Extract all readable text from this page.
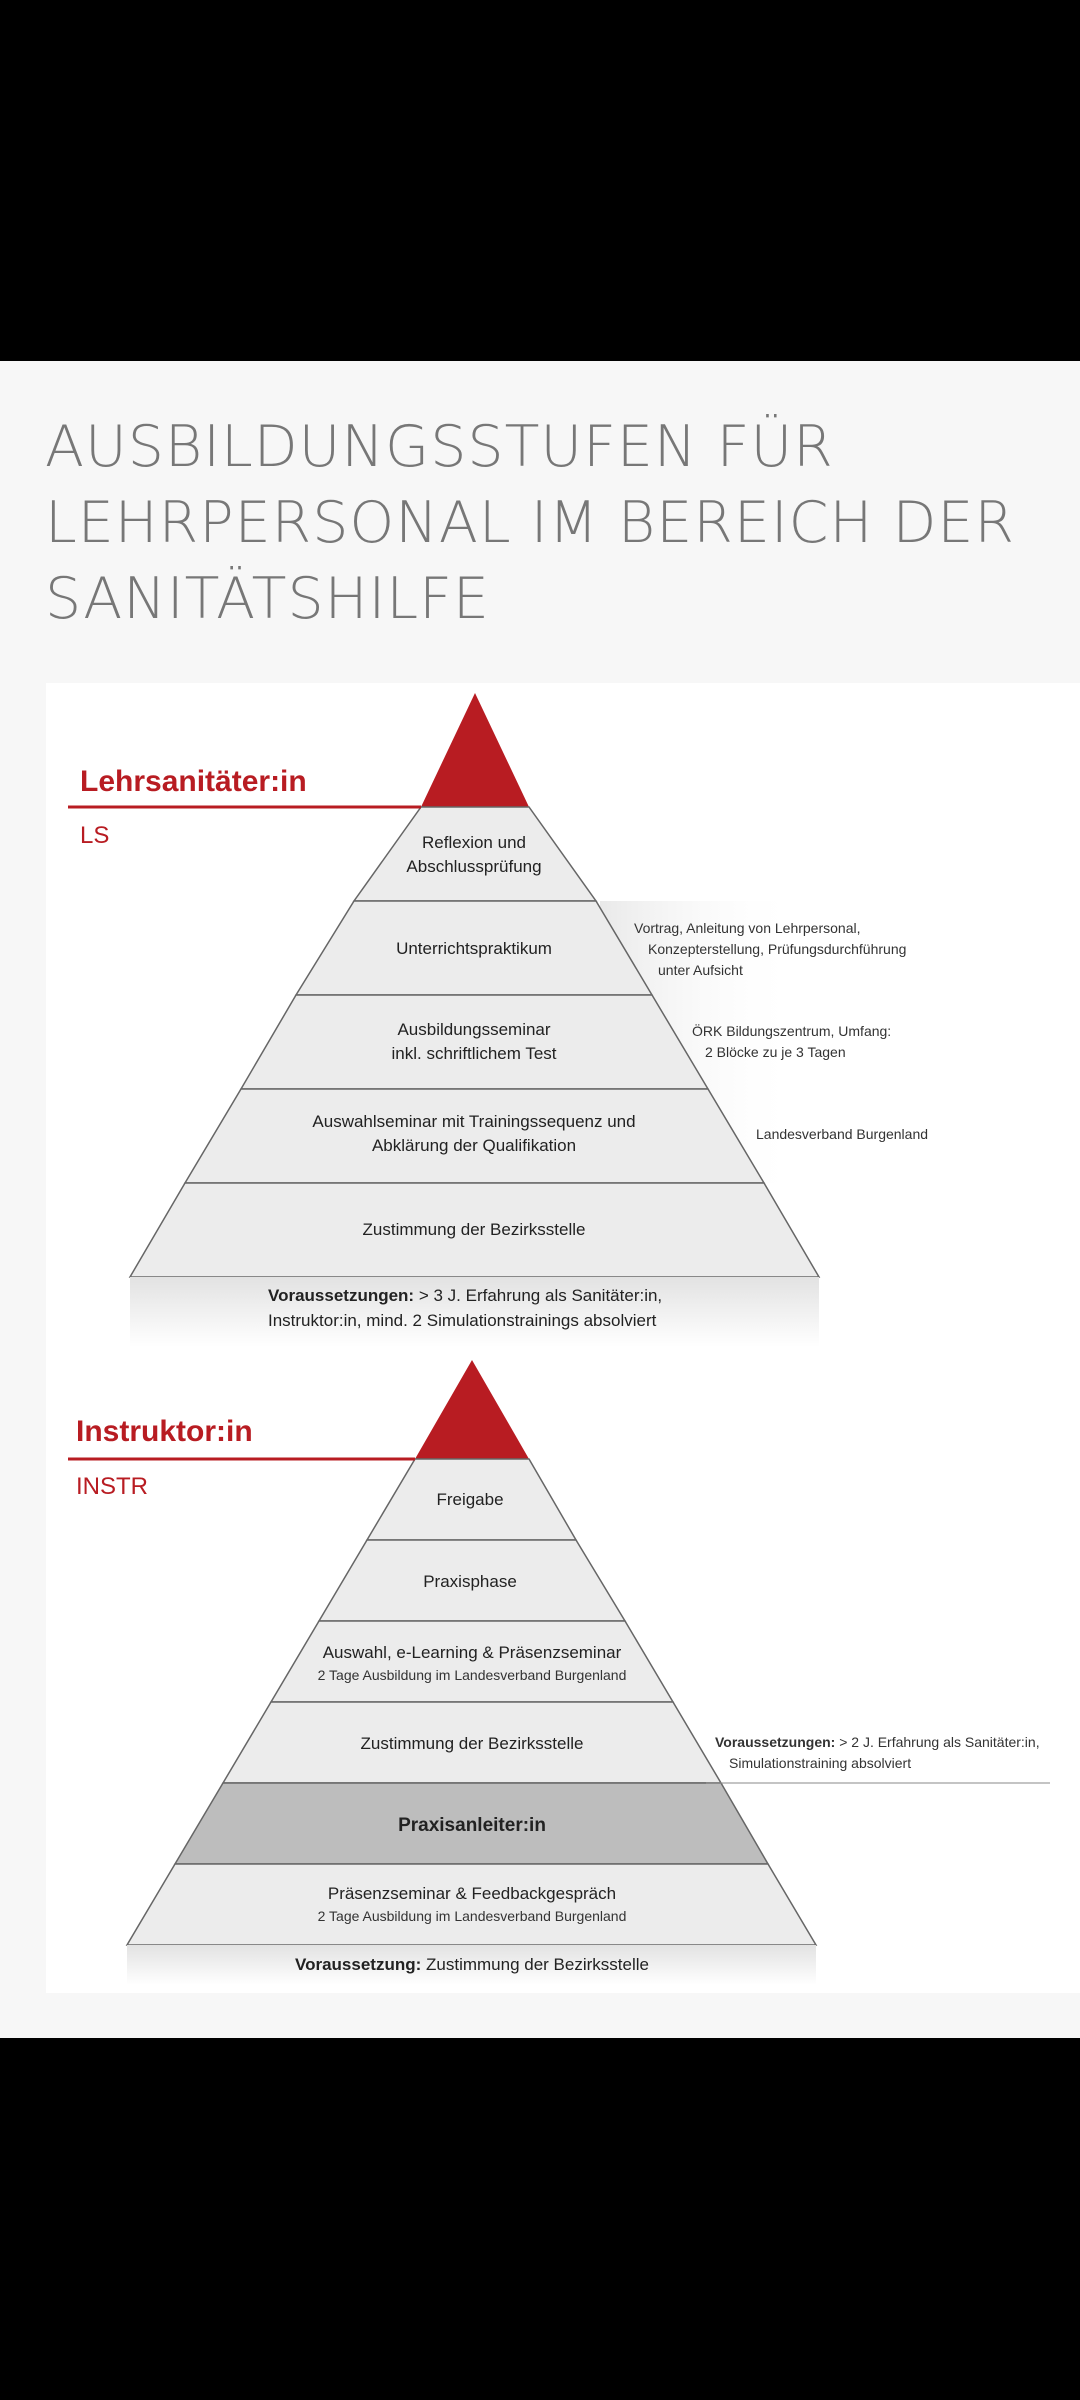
AUSBILDUNGSSTUFEN FÜR
LEHRPERSONAL IM BEREICH DER
SANITÄTSHILFE
Lehrsanitäter:in
LS	Reflexion und
Abschlussprüfung
Unterrichtspraktikum
Ausbildungsseminar
inkl. schriftlichem Test
Auswahlseminar mit Trainingssequenz und
Abklärung der Qualifikation
Zustimmung der Bezirksstelle
Vortrag, Anleitung von Lehrpersonal,
Konzepterstellung, Prüfungsdurchführung
unter Aufsicht
ÖRK Bildungszentrum, Umfang:
2 Blöcke zu je 3 Tagen
Landesverband Burgenland
Voraussetzungen: > 3 J. Erfahrung als Sanitäter:in,
Instruktor:in, mind. 2 Simulationstrainings absolviert
Instruktor:in
INSTR	Freigabe
Praxisphase
Auswahl, e-Learning & Präsenzseminar
2 Tage Ausbildung im Landesverband Burgenland
Zustimmung der Bezirksstelle
Praxisanleiter:in
Präsenzseminar & Feedbackgespräch
2 Tage Ausbildung im Landesverband Burgenland
Voraussetzungen: > 2 J. Erfahrung als Sanitäter:in,
Simulationstraining absolviert
Voraussetzung: Zustimmung der Bezirksstelle
